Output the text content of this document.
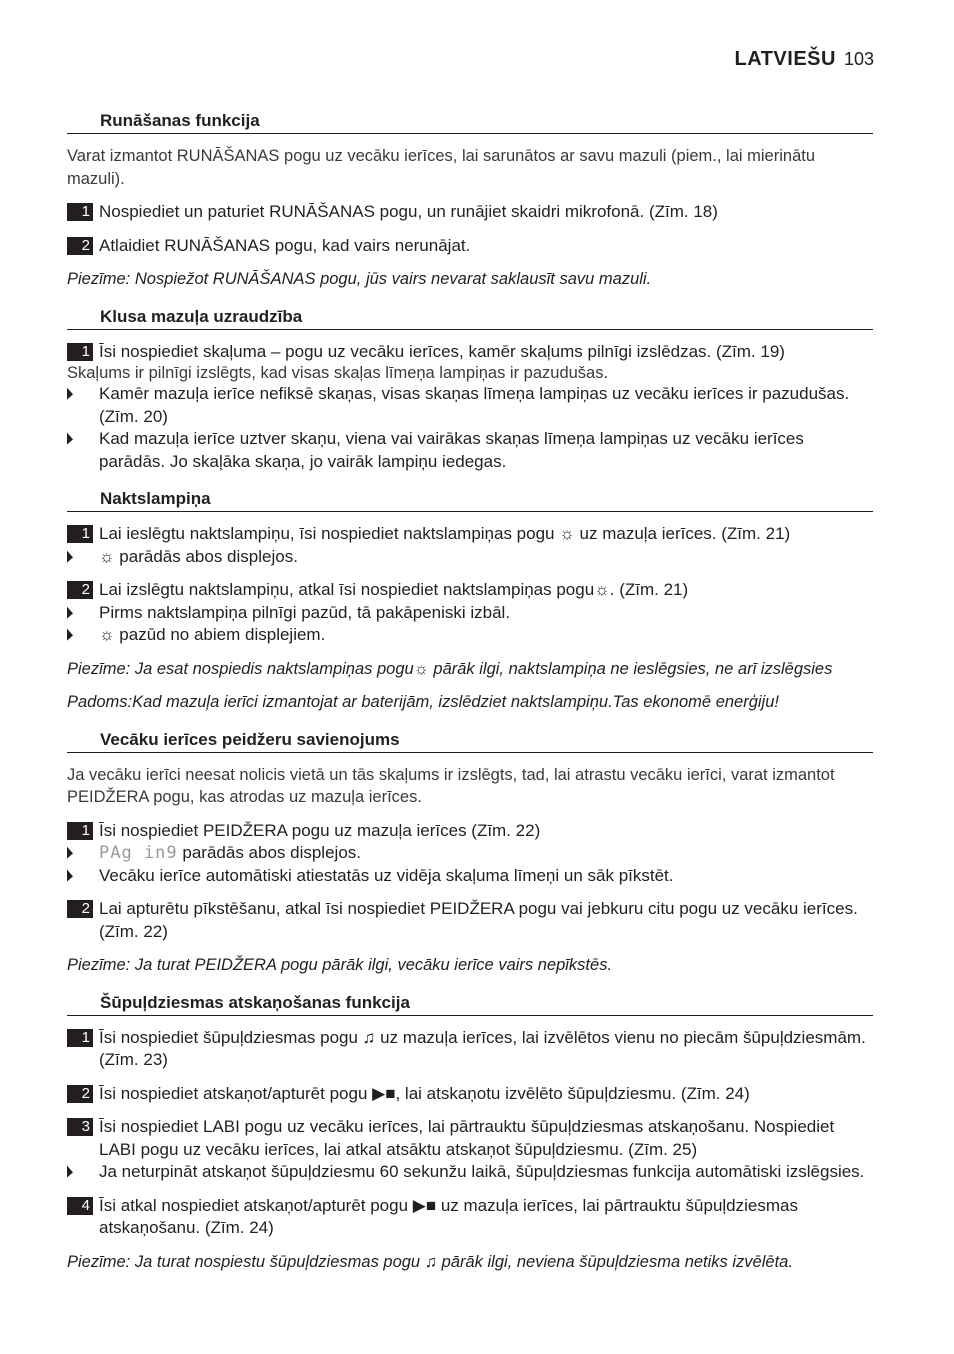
LATVIEŠU 103
Runāšanas funkcija

Varat izmantot RUNĀŠANAS pogu uz vecāku ierīces, lai sarunātos ar savu mazuli (piem., lai mierinātu mazuli).

1 Nospiediet un paturiet RUNĀŠANAS pogu, un runājiet skaidri mikrofonā. (Zīm. 18)
2 Atlaidiet RUNĀŠANAS pogu, kad vairs nerunājat.
Piezīme: Nospiežot RUNĀŠANAS pogu, jūs vairs nevarat saklausīt savu mazuli.
Klusa mazuļa uzraudzība
1 Īsi nospiediet skaļuma – pogu uz vecāku ierīces, kamēr skaļums pilnīgi izslēdzas. (Zīm. 19)
Skaļums ir pilnīgi izslēgts, kad visas skaļas līmeņa lampiņas ir pazudušas.
Kamēr mazuļa ierīce nefiksē skaņas, visas skaņas līmeņa lampiņas uz vecāku ierīces ir pazudušas. (Zīm. 20)
Kad mazuļa ierīce uztver skaņu, viena vai vairākas skaņas līmeņa lampiņas uz vecāku ierīces parādās. Jo skaļāka skaņa, jo vairāk lampiņu iedegas.
Naktslampiņa
1 Lai ieslēgtu naktslampiņu, īsi nospiediet naktslampiņas pogu ☼ uz mazuļa ierīces. (Zīm. 21)
☼ parādās abos displejos.
2 Lai izslēgtu naktslampiņu, atkal īsi nospiediet naktslampiņas pogu☼. (Zīm. 21)
Pirms naktslampiņa pilnīgi pazūd, tā pakāpeniski izbāl.
☼ pazūd no abiem displejiem.
Piezīme: Ja esat nospiedis naktslampiņas pogu☼ pārāk ilgi, naktslampiņa ne ieslēgsies, ne arī izslēgsies
Padoms:Kad mazuļa ierīci izmantojat ar baterijām, izslēdziet naktslampiņu.Tas ekonomē enerģiju!
Vecāku ierīces peidžeru savienojums

Ja vecāku ierīci neesat nolicis vietā un tās skaļums ir izslēgts, tad, lai atrastu vecāku ierīci, varat izmantot PEIDŽERA pogu, kas atrodas uz mazuļa ierīces.

1 Īsi nospiediet PEIDŽERA pogu uz mazuļa ierīces (Zīm. 22)
PAg in9 parādās abos displejos.
Vecāku ierīce automātiski atiestatās uz vidēja skaļuma līmeņi un sāk pīkstēt.
2 Lai apturētu pīkstēšanu, atkal īsi nospiediet PEIDŽERA pogu vai jebkuru citu pogu uz vecāku ierīces. (Zīm. 22)
Piezīme: Ja turat PEIDŽERA pogu pārāk ilgi, vecāku ierīce vairs nepīkstēs.
Šūpuļdziesmas atskaņošanas funkcija
1 Īsi nospiediet šūpuļdziesmas pogu ♫ uz mazuļa ierīces, lai izvēlētos vienu no piecām šūpuļdziesmām. (Zīm. 23)
2 Īsi nospiediet atskaņot/apturēt pogu ▶■, lai atskaņotu izvēlēto šūpuļdziesmu. (Zīm. 24)
3 Īsi nospiediet LABI pogu uz vecāku ierīces, lai pārtrauktu šūpuļdziesmas atskaņošanu. Nospiediet LABI pogu uz vecāku ierīces, lai atkal atsāktu atskaņot šūpuļdziesmu. (Zīm. 25)
Ja neturpināt atskaņot šūpuļdziesmu 60 sekunžu laikā, šūpuļdziesmas funkcija automātiski izslēgsies.
4 Īsi atkal nospiediet atskaņot/apturēt pogu ▶■ uz mazuļa ierīces, lai pārtrauktu šūpuļdziesmas atskaņošanu. (Zīm. 24)
Piezīme: Ja turat nospiestu šūpuļdziesmas pogu ♫ pārāk ilgi, neviena šūpuļdziesma netiks izvēlēta.
